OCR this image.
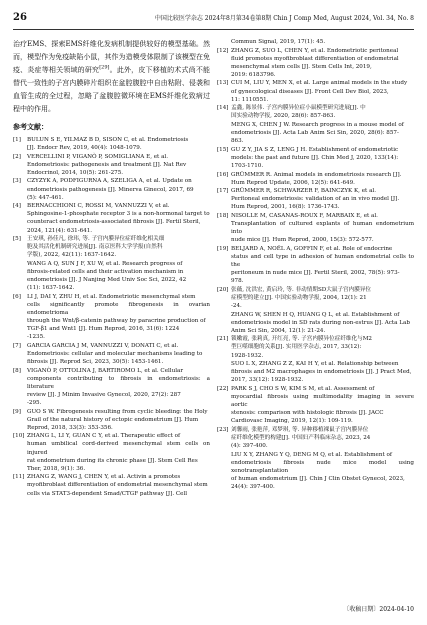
26	中国比较医学杂志 2024年8月第34卷第8期 Chin J Comp Med, August 2024, Vol. 34, No. 8

治疗EMS、探索EMS纤维化发病机制提供较好的模型基础。然而，模型作为免疫缺陷小鼠，其作为造模受体限制了该模型在免疫、炎症等相关领域的研究[29]。此外，皮下移植的术式尚不能替代一致性的子宫内膜碎片组织在盆腔腹腔中自由粘附、侵袭和血管生成的全过程，忽略了盆腹腔微环境在EMS纤维化致病过程中的作用。

参考文献：
[1] BULUN S E, YILMAZ B D, SISON C, et al. Endometriosis
[J]. Endocr Rev, 2019, 40(4): 1048-1079.
[2] VERCELLINI P, VIGANÒ P, SOMIGLIANA E, et al.
Endometriosis: pathogenesis and treatment [J]. Nat Rev
Endocrinol, 2014, 10(5): 261-275.
[3] CZYZYK A, PODFIGURNA A, SZELIGA A, et al. Update on
endometriosis pathogenesis [J]. Minerva Ginecol, 2017, 69
(5): 447-461.
[4] BERNACCHIONI C, ROSSI M, VANNUZZI V, et al.
Sphingosine-1-phosphate receptor 3 is a non-hormonal target to
counteract endometriosis-associated fibrosis [J]. Fertil Steril,
2024, 121(4): 631-641.
[5] 王安琪, 孙佳凡, 徐玮, 等. 子宫内膜异位症纤维化相关细
胞及其活化机制研究进展[J]. 南京医科大学学报(自然科
学版), 2022, 42(11): 1637-1642.
WANG A Q, SUN J F, XU W, et al. Research progress of
fibrosis-related cells and their activation mechanism in
endometriosis [J]. J Nanjing Med Univ Soc Sci, 2022, 42
(11): 1637-1642.
[6] LI J, DAI Y, ZHU H, et al. Endometriotic mesenchymal stem
cells significantly promote fibrogenesis in ovarian endometrioma
through the Wnt/β-catenin pathway by paracrine production of
TGF-β1 and Wnt1 [J]. Hum Reprod, 2016, 31(6): 1224
-1235.
[7] GARCIA GARCIA J M, VANNUZZI V, DONATI C, et al.
Endometriosis: cellular and molecular mechanisms leading to
fibrosis [J]. Reprod Sci, 2023, 30(5): 1453-1461.
[8] VIGANÒ P, OTTOLINA J, BARTIROMO L, et al. Cellular
components contributing to fibrosis in endometriosis: a literature
review [J]. J Minim Invasive Gynecol, 2020, 27(2): 287
-295.
[9] GUO S W. Fibrogenesis resulting from cyclic bleeding: the Holy
Grail of the natural history of ectopic endometrium [J]. Hum
Reprod, 2018, 33(3): 353-356.
[10] ZHANG L, LI Y, GUAN C Y, et al. Therapeutic effect of
human umbilical cord-derived mesenchymal stem cells on injured
rat endometrium during its chronic phase [J]. Stem Cell Res
Ther, 2018, 9(1): 36.
[11] ZHANG Z, WANG J, CHEN Y, et al. Activin a promotes
myofibroblast differentiation of endometrial mesenchymal stem
cells via STAT3-dependent Smad/CTGF pathway [J]. Cell
Commun Signal, 2019, 17(1): 45.
[12] ZHANG Z, SUO L, CHEN Y, et al. Endometriotic peritoneal
fluid promotes myofibroblast differentiation of endometrial
mesenchymal stem cells [J]. Stem Cells Int, 2019,
2019: 6183796.
[13] CUI M, LIU Y, MEN X, et al. Large animal models in the study
of gynecological diseases [J]. Front Cell Dev Biol, 2023,
11: 1110551.
[14] 孟鑫, 陈景伟. 子宫内膜异位症小鼠模型研究进展[J]. 中
国实验动物学报, 2020, 28(6): 857-863.
MENG X, CHEN J W. Research progress in a mouse model of
endometriosis [J]. Acta Lab Anim Sci Sin, 2020, 28(6): 857-
863.
[15] GU Z Y, JIA S Z, LENG J H. Establishment of endometriotic
models: the past and future [J]. Chin Med J, 2020, 133(14):
1703-1710.
[16] GRÜMMER R. Animal models in endometriosis research [J].
Hum Reprod Update, 2006, 12(5): 641-649.
[17] GRÜMMER R, SCHWARZER F, BAINCZYK K, et al.
Peritoneal endometriosis: validation of an in vivo model [J].
Hum Reprod, 2001, 16(8): 1736-1743.
[18] NISOLLE M, CASANAS-ROUX F, MARBAIX E, et al.
Transplantation of cultured explants of human endometrium into
nude mice [J]. Hum Reprod, 2000, 15(3): 572-577.
[19] BELJARD A, NOËL A, GOFFIN F, et al. Role of endocrine
status and cell type in adhesion of human endometrial cells to the
peritoneum in nude mice [J]. Fertil Steril, 2002, 78(5): 973-
978.
[20] 张薇, 沈洪宏, 黄启玲, 等. 非动情期SD大鼠子宫内膜异位
症模型的建立[J]. 中国实验动物学报, 2004, 12(1): 21
-24.
ZHANG W, SHEN H Q, HUANG Q L, et al. Establishment of
endometriosis model in SD rats during non-estrus [J]. Acta Lab
Anim Sci Sin, 2004, 12(1): 21-24.
[21] 锁嫩霞, 张莉真, 开红亮, 等. 子宫内膜异位症纤维化与M2
型巨噬细胞的关系[J]. 实用医学杂志, 2017, 33(12):
1928-1932.
SUO L X, ZHANG Z Z, KAI H Y, et al. Relationship between
fibrosis and M2 macrophages in endometriosis [J]. J Pract Med,
2017, 33(12): 1928-1932.
[22] PARK S J, CHO S W, KIM S M, et al. Assessment of
myocardial fibrosis using multimodality imaging in severe aortic
stenosis: comparison with histologic fibrosis [J]. JACC
Cardiovasc Imaging, 2019, 12(1): 109-119.
[23] 刘馨雨, 张艳萍, 邓梦琪, 等. 异种移植裸鼠子宫内膜异位
症纤维化模型的构建[J]. 中国妇产科临床杂志, 2023, 24
(4): 397-400.
LIU X Y, ZHANG Y Q, DENG M Q, et al. Establishment of
endometriosis fibrosis nude mice model using xenotransplantation
of human endometrium [J]. Chin J Clin Obstet Gynecol, 2023,
24(4): 397-400.
〔收稿日期〕2024-04-10
